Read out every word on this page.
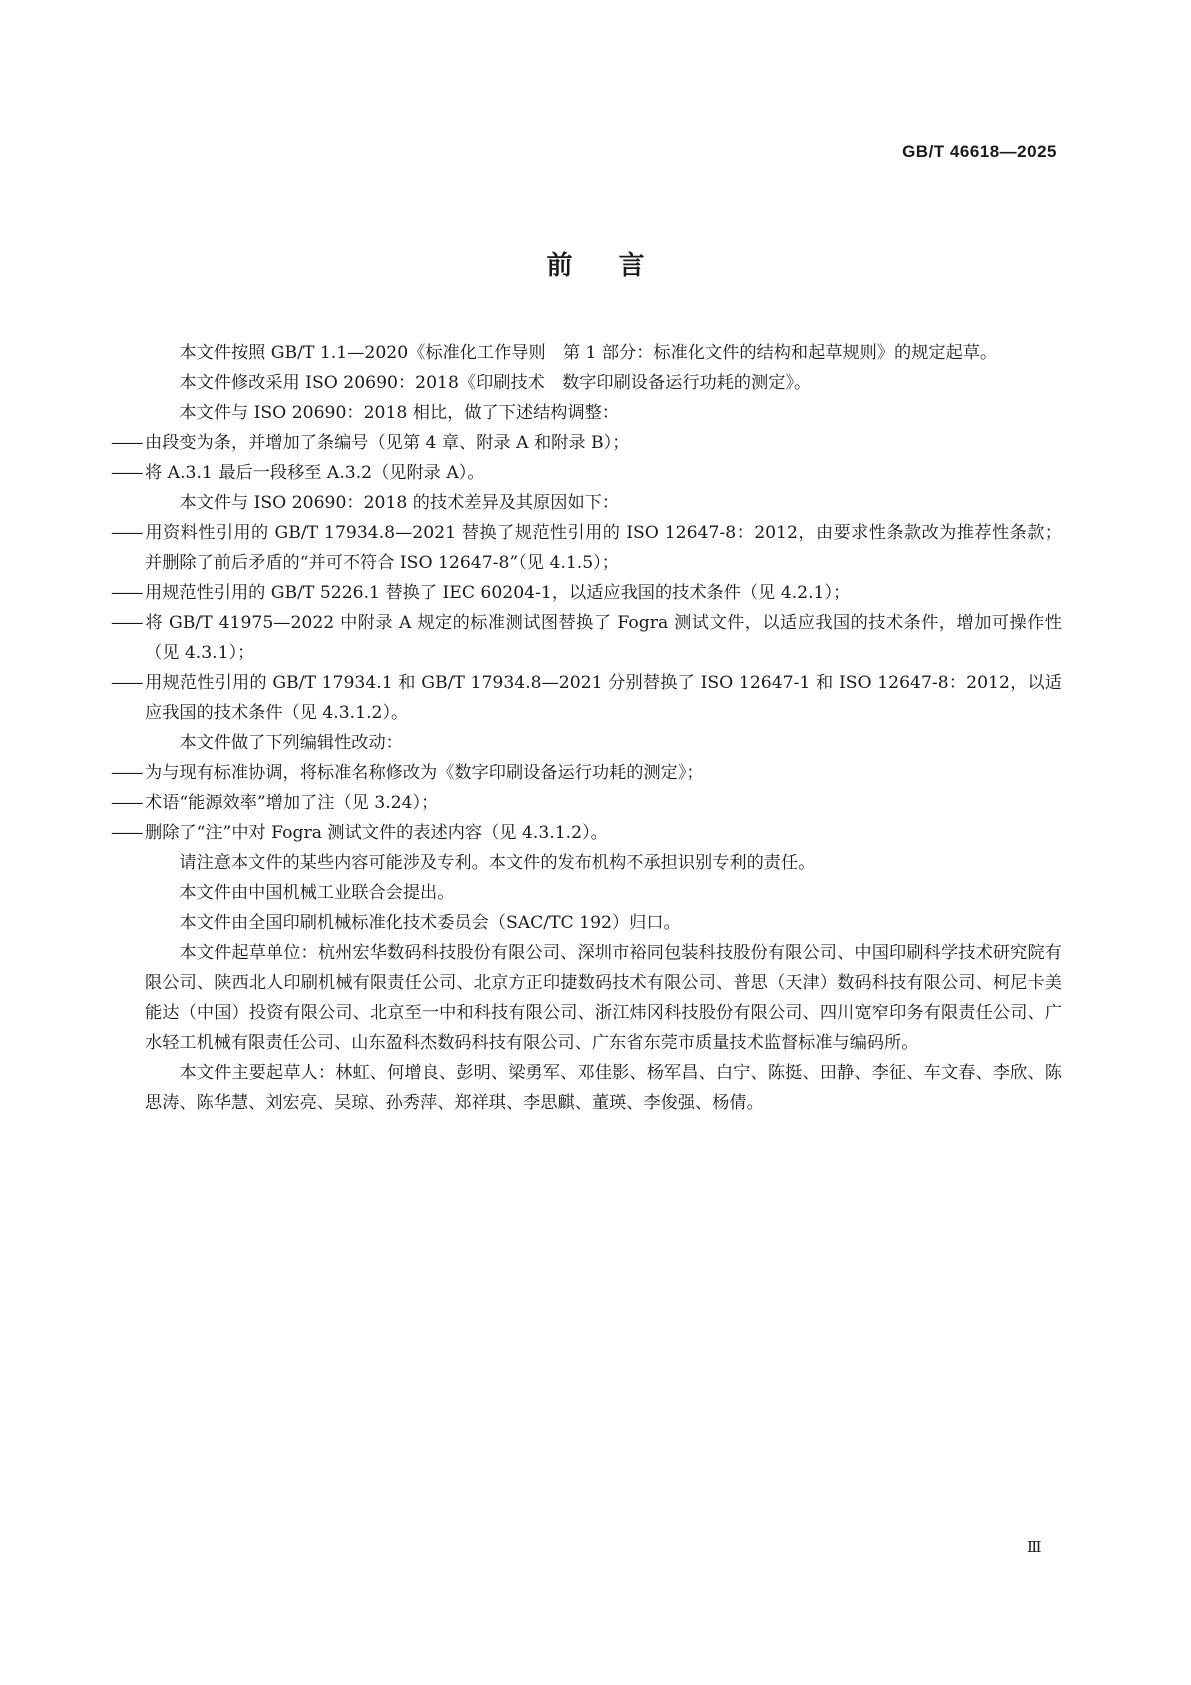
GB/T 46618—2025
前言

本文件按照 GB/T 1.1—2020《标准化工作导则　第 1 部分：标准化文件的结构和起草规则》的规定起草。

本文件修改采用 ISO 20690：2018《印刷技术　数字印刷设备运行功耗的测定》。

本文件与 ISO 20690：2018 相比，做了下述结构调整：

—— 由段变为条，并增加了条编号（见第 4 章、附录 A 和附录 B）；

—— 将 A.3.1 最后一段移至 A.3.2（见附录 A）。

本文件与 ISO 20690：2018 的技术差异及其原因如下：

—— 用资料性引用的 GB/T 17934.8—2021 替换了规范性引用的 ISO 12647-8：2012，由要求性条款改为推荐性条款；并删除了前后矛盾的“并可不符合 ISO 12647-8”（见 4.1.5）；

—— 用规范性引用的 GB/T 5226.1 替换了 IEC 60204-1，以适应我国的技术条件（见 4.2.1）；

—— 将 GB/T 41975—2022 中附录 A 规定的标准测试图替换了 Fogra 测试文件，以适应我国的技术条件，增加可操作性（见 4.3.1）；

—— 用规范性引用的 GB/T 17934.1 和 GB/T 17934.8—2021 分别替换了 ISO 12647-1 和 ISO 12647-8：2012，以适应我国的技术条件（见 4.3.1.2）。

本文件做了下列编辑性改动：

—— 为与现有标准协调，将标准名称修改为《数字印刷设备运行功耗的测定》；

—— 术语“能源效率”增加了注（见 3.24）；

—— 删除了“注”中对 Fogra 测试文件的表述内容（见 4.3.1.2）。

请注意本文件的某些内容可能涉及专利。本文件的发布机构不承担识别专利的责任。

本文件由中国机械工业联合会提出。

本文件由全国印刷机械标准化技术委员会（SAC/TC 192）归口。

本文件起草单位：杭州宏华数码科技股份有限公司、深圳市裕同包装科技股份有限公司、中国印刷科学技术研究院有限公司、陕西北人印刷机械有限责任公司、北京方正印捷数码技术有限公司、普思（天津）数码科技有限公司、柯尼卡美能达（中国）投资有限公司、北京至一中和科技有限公司、浙江炜冈科技股份有限公司、四川宽窄印务有限责任公司、广水轻工机械有限责任公司、山东盈科杰数码科技有限公司、广东省东莞市质量技术监督标准与编码所。

本文件主要起草人：林虹、何增良、彭明、梁勇军、邓佳影、杨军昌、白宁、陈挺、田静、李征、车文春、李欣、陈思涛、陈华慧、刘宏亮、吴琼、孙秀萍、郑祥琪、李思麒、董瑛、李俊强、杨倩。

Ⅲ
